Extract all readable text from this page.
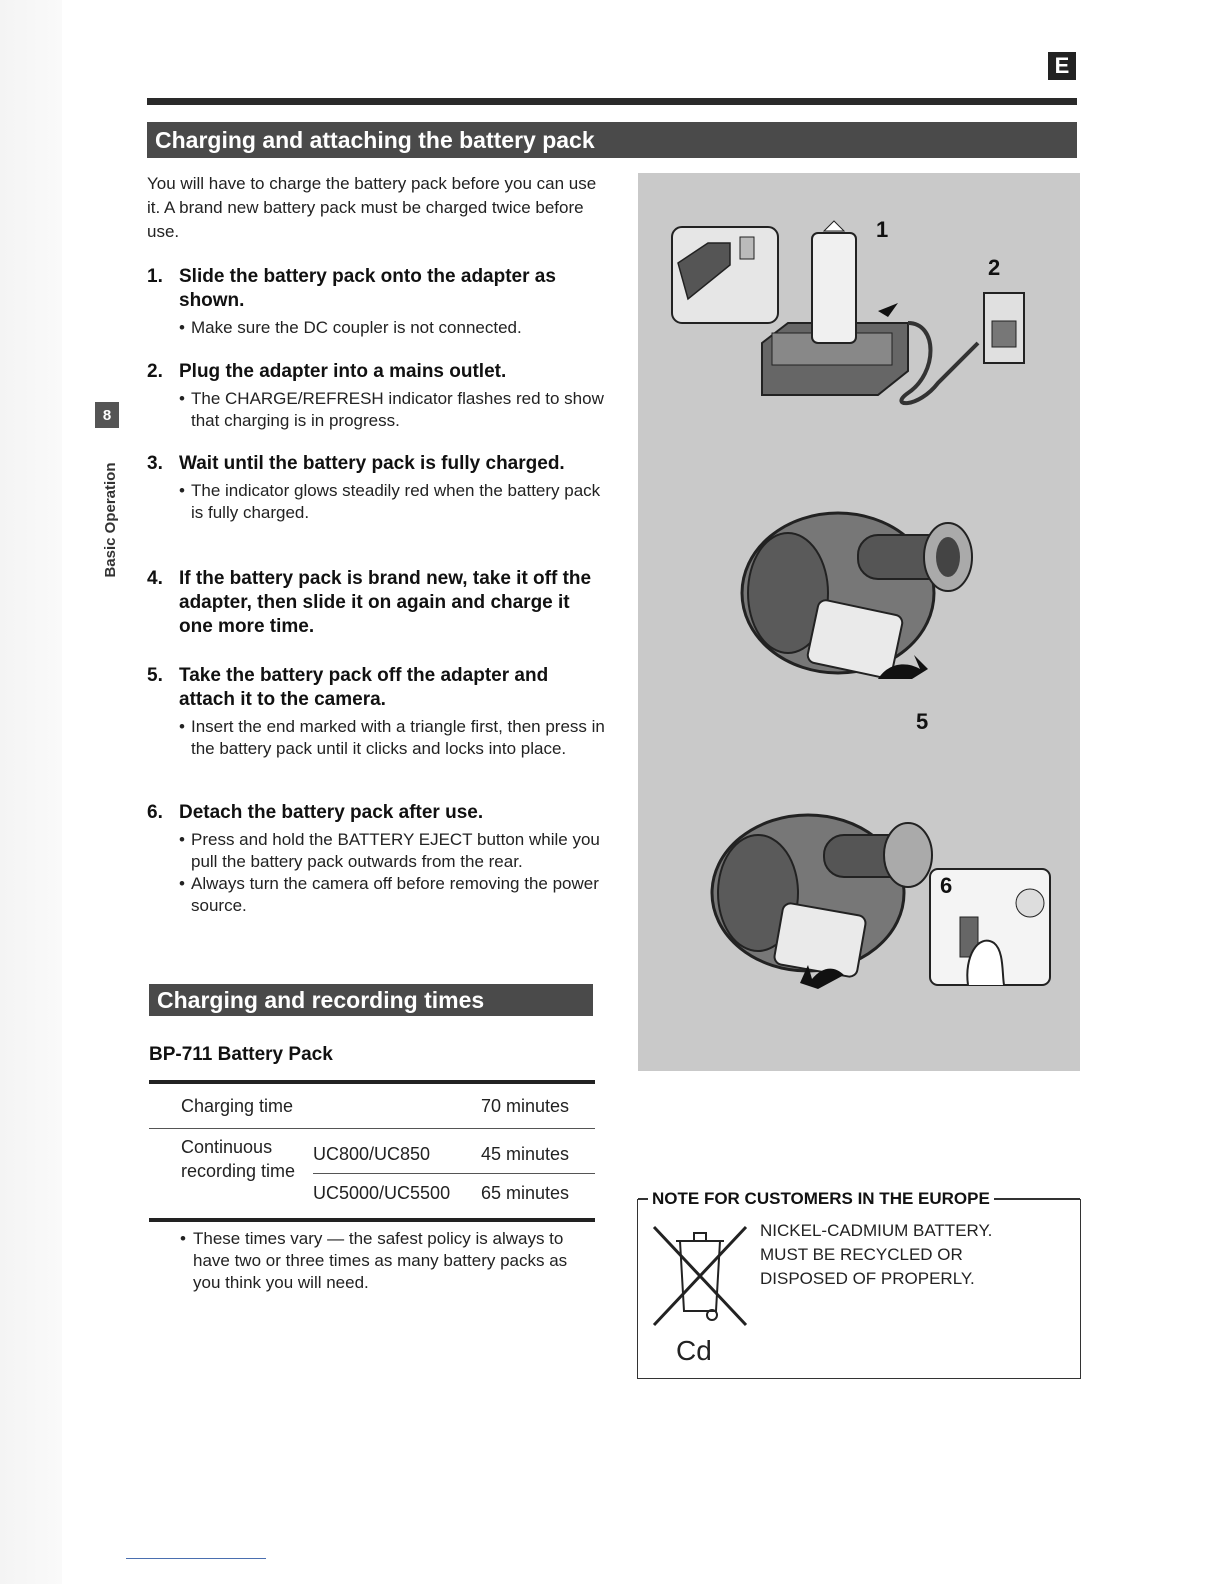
E
Charging and attaching the battery pack
8
Basic Operation
You will have to charge the battery pack before you can use it. A brand new battery pack must be charged twice before use.
1. Slide the battery pack onto the adapter as shown.
• Make sure the DC coupler is not connected.
2. Plug the adapter into a mains outlet.
• The CHARGE/REFRESH indicator flashes red to show that charging is in progress.
3. Wait until the battery pack is fully charged.
• The indicator glows steadily red when the battery pack is fully charged.
4. If the battery pack is brand new, take it off the adapter, then slide it on again and charge it one more time.
5. Take the battery pack off the adapter and attach it to the camera.
• Insert the end marked with a triangle first, then press in the battery pack until it clicks and locks into place.
6. Detach the battery pack after use.
• Press and hold the BATTERY EJECT button while you pull the battery pack outwards from the rear.
• Always turn the camera off before removing the power source.
1
2
5
6
Charging and recording times
BP-711 Battery Pack
Charging time	70 minutes
Continuous recording time
UC800/UC850	45 minutes
UC5000/UC5500	65 minutes
• These times vary — the safest policy is always to have two or three times as many battery packs as you think you will need.
NOTE FOR CUSTOMERS IN THE EUROPE
NICKEL-CADMIUM BATTERY.
MUST BE RECYCLED OR
DISPOSED OF PROPERLY.
Cd
